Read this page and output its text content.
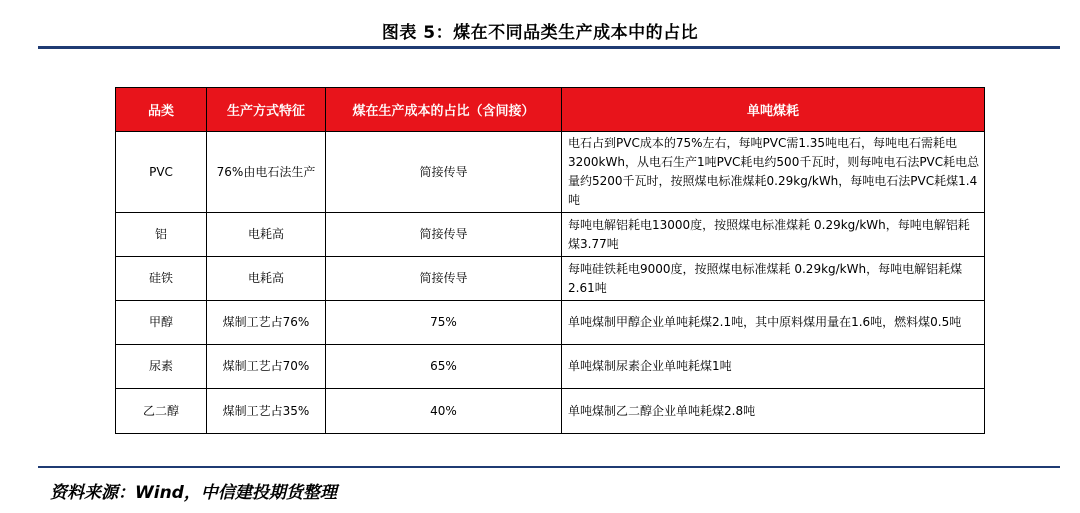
图表 5：煤在不同品类生产成本中的占比
品类	生产方式特征	煤在生产成本的占比（含间接）	单吨煤耗
PVC	76%由电石法生产	简接传导	电石占到PVC成本的75%左右，每吨PVC需1.35吨电石，每吨电石需耗电3200kWh，从电石生产1吨PVC耗电约500千瓦时，则每吨电石法PVC耗电总量约5200千瓦时，按照煤电标准煤耗0.29kg/kWh，每吨电石法PVC耗煤1.4吨
铝	电耗高	简接传导	每吨电解铝耗电13000度，按照煤电标准煤耗 0.29kg/kWh，每吨电解铝耗煤3.77吨
硅铁	电耗高	简接传导	每吨硅铁耗电9000度，按照煤电标准煤耗 0.29kg/kWh，每吨电解铝耗煤2.61吨
甲醇	煤制工艺占76%	75%	单吨煤制甲醇企业单吨耗煤2.1吨，其中原料煤用量在1.6吨，燃料煤0.5吨
尿素	煤制工艺占70%	65%	单吨煤制尿素企业单吨耗煤1吨
乙二醇	煤制工艺占35%	40%	单吨煤制乙二醇企业单吨耗煤2.8吨
资料来源：Wind，中信建投期货整理
